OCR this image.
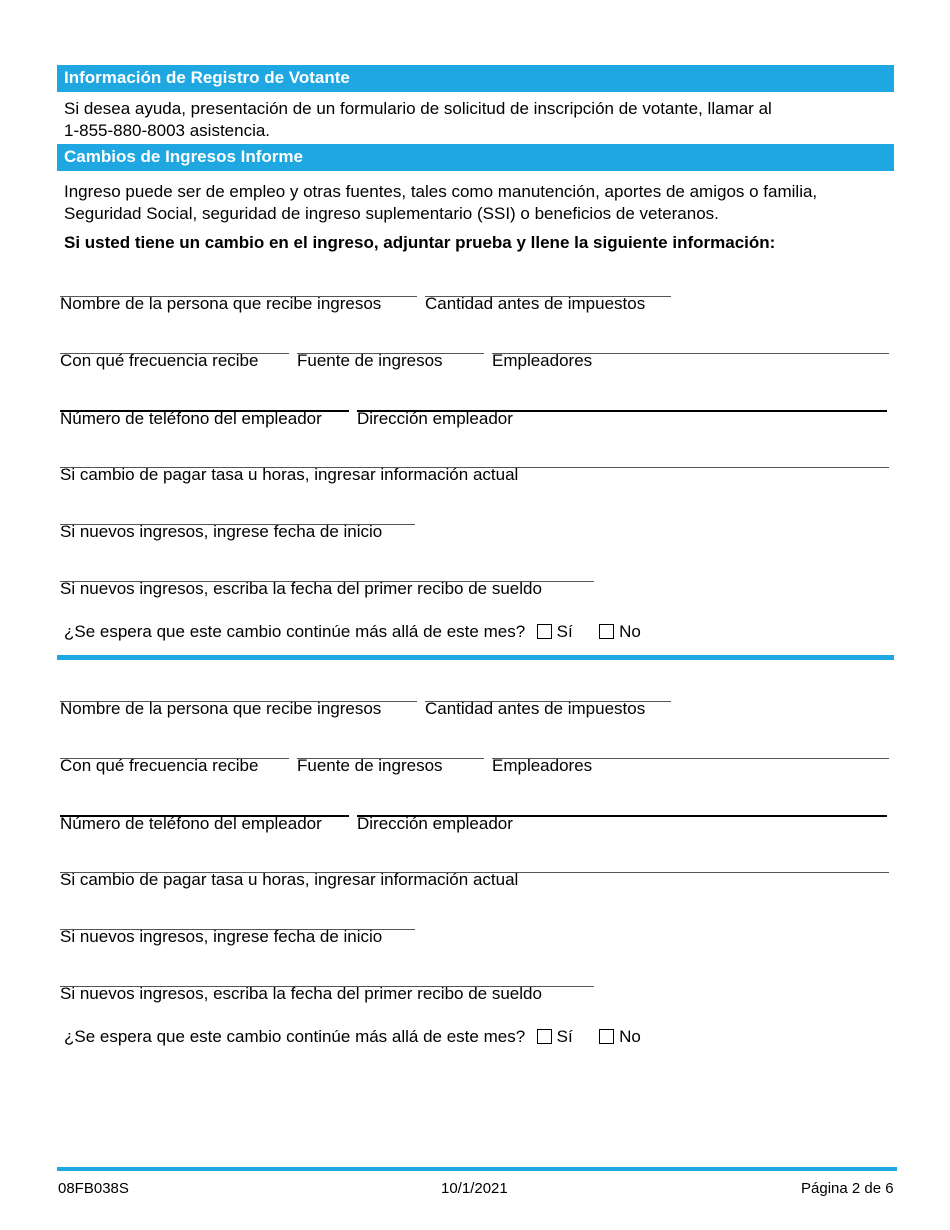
Información de Registro de Votante
Si desea ayuda, presentación de un formulario de solicitud de inscripción de votante, llamar al
1-855-880-8003 asistencia.
Cambios de Ingresos Informe
Ingreso puede ser de empleo y otras fuentes, tales como manutención, aportes de amigos o familia,
Seguridad Social, seguridad de ingreso suplementario (SSI) o beneficios de veteranos.
Si usted tiene un cambio en el ingreso, adjuntar prueba y llene la siguiente información:
Nombre de la persona que recibe ingresos	Cantidad antes de impuestos
Con qué frecuencia recibe	Fuente de ingresos	Empleadores
Número de teléfono del empleador	Dirección empleador
Si cambio de pagar tasa u horas, ingresar información actual
Si nuevos ingresos, ingrese fecha de inicio
Si nuevos ingresos, escriba la fecha del primer recibo de sueldo
¿Se espera que este cambio continúe más allá de este mes? Sí	No
Nombre de la persona que recibe ingresos	Cantidad antes de impuestos
Con qué frecuencia recibe	Fuente de ingresos	Empleadores
Número de teléfono del empleador	Dirección empleador
Si cambio de pagar tasa u horas, ingresar información actual
Si nuevos ingresos, ingrese fecha de inicio
Si nuevos ingresos, escriba la fecha del primer recibo de sueldo
¿Se espera que este cambio continúe más allá de este mes? Sí	No
08FB038S	10/1/2021	Página 2 de 6
